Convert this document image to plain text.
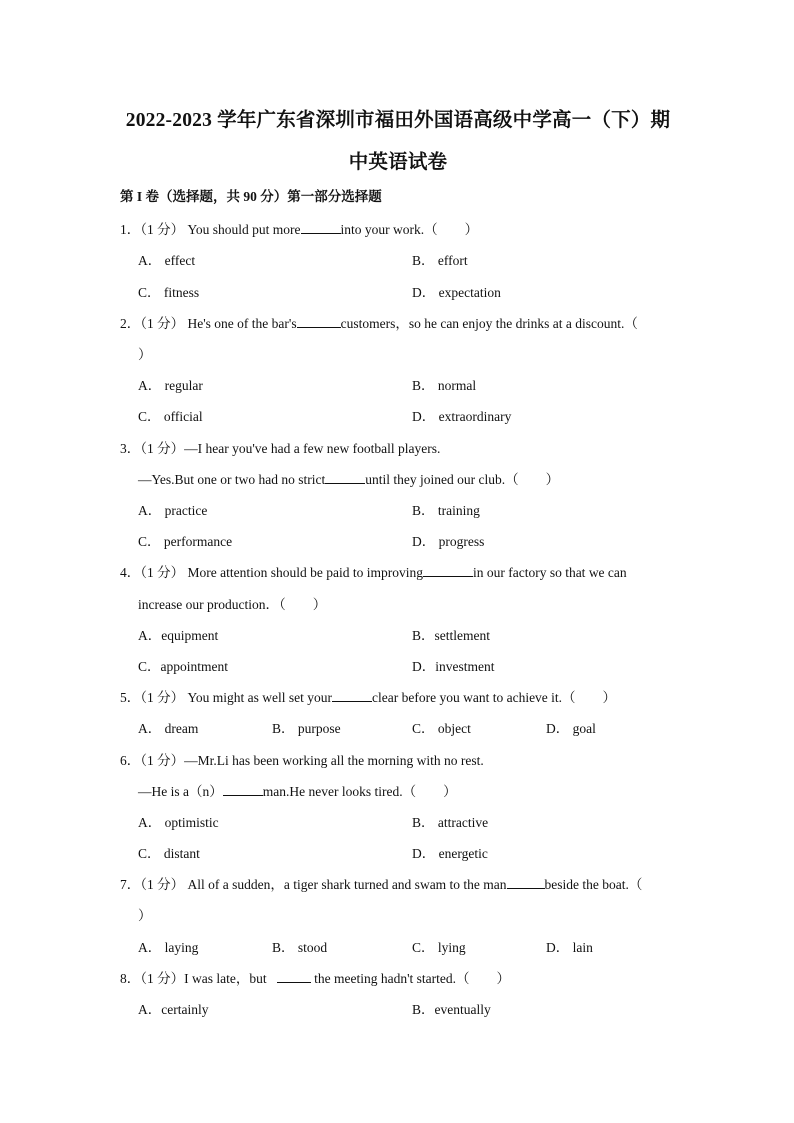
2022-2023 学年广东省深圳市福田外国语高级中学高一（下）期
中英语试卷
第 I 卷（选择题，共 90 分）第一部分选择题
1．（1 分） You should put more	into your work.（　　）
A． effect	B． effort
C． fitness	D． expectation
2．（1 分） He's one of the bar's	customers，so he can enjoy the drinks at a discount.（
）
A． regular	B． normal
C． official	D． extraordinary
3．（1 分）—I hear you've had a few new football players.
—Yes.But one or two had no strict	until they joined our club.（　　）
A． practice	B． training
C． performance	D． progress
4．（1 分） More attention should be paid to improving	in our factory so that we can
increase our production．（　　）
A．equipment	B．settlement
C．appointment	D．investment
5．（1 分） You might as well set your	clear before you want to achieve it.（　　）
A． dream	B． purpose	C． object	D． goal
6．（1 分）—Mr.Li has been working all the morning with no rest.
—He is a（n）	man.He never looks tired.（　　）
A． optimistic	B． attractive
C． distant	D． energetic
7．（1 分） All of a sudden，a tiger shark turned and swam to the man	beside the boat.（
）
A． laying	B． stood	C． lying	D． lain
8．（1 分）I was late，but	the meeting hadn't started.（　　）
A．certainly	B．eventually
